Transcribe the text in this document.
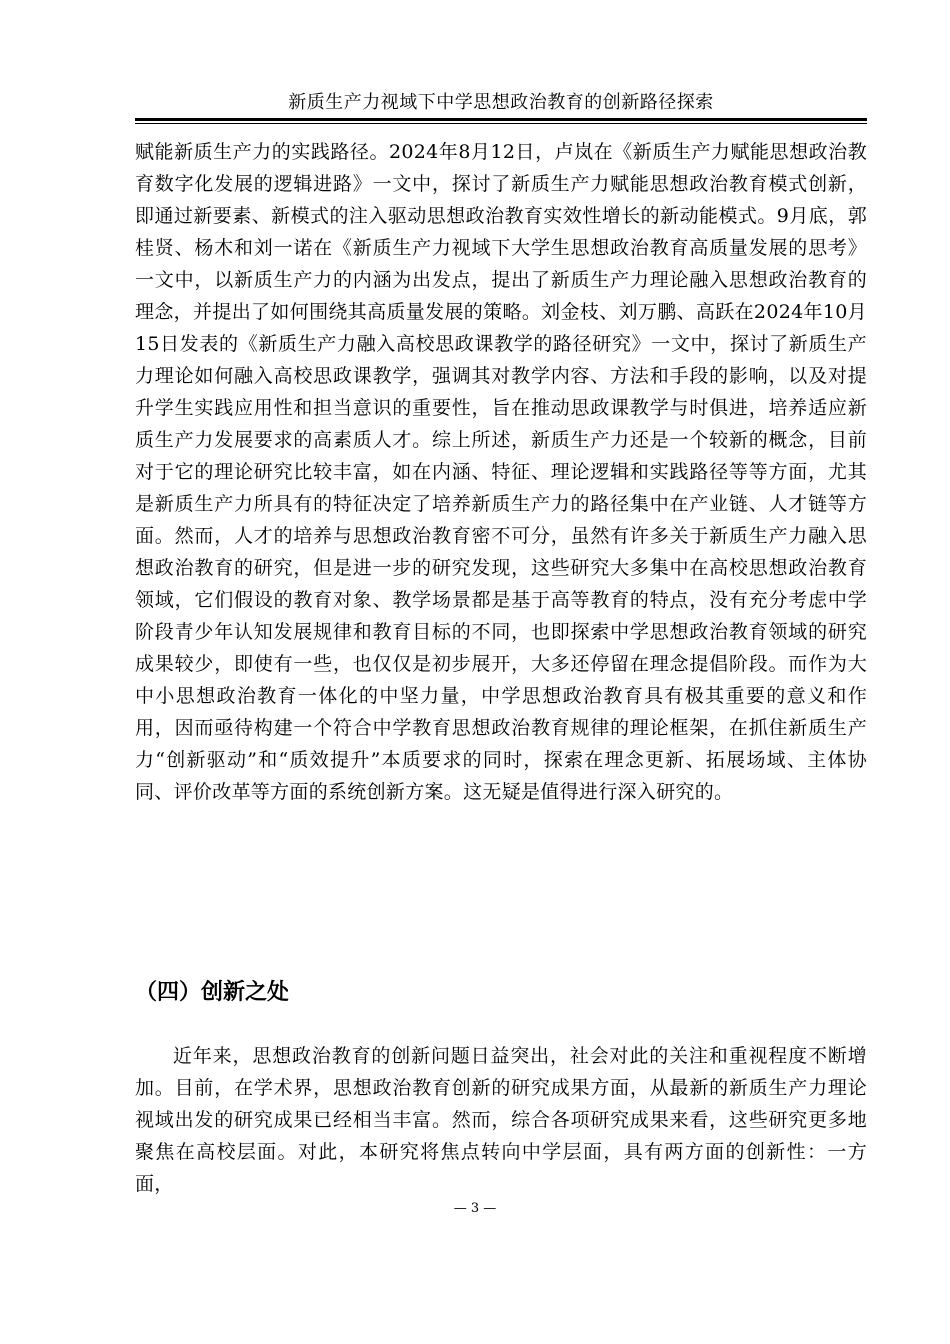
新质生产力视域下中学思想政治教育的创新路径探索

赋能新质生产力的实践路径。2024年8月12日，卢岚在《新质生产力赋能思想政治教育数字化发展的逻辑进路》一文中，探讨了新质生产力赋能思想政治教育模式创新，即通过新要素、新模式的注入驱动思想政治教育实效性增长的新动能模式。9月底，郭桂贤、杨木和刘一诺在《新质生产力视域下大学生思想政治教育高质量发展的思考》一文中，以新质生产力的内涵为出发点，提出了新质生产力理论融入思想政治教育的理念，并提出了如何围绕其高质量发展的策略。刘金枝、刘万鹏、高跃在2024年10月15日发表的《新质生产力融入高校思政课教学的路径研究》一文中，探讨了新质生产力理论如何融入高校思政课教学，强调其对教学内容、方法和手段的影响，以及对提升学生实践应用性和担当意识的重要性，旨在推动思政课教学与时俱进，培养适应新质生产力发展要求的高素质人才。综上所述，新质生产力还是一个较新的概念，目前对于它的理论研究比较丰富，如在内涵、特征、理论逻辑和实践路径等等方面，尤其是新质生产力所具有的特征决定了培养新质生产力的路径集中在产业链、人才链等方面。然而，人才的培养与思想政治教育密不可分，虽然有许多关于新质生产力融入思想政治教育的研究，但是进一步的研究发现，这些研究大多集中在高校思想政治教育领域，它们假设的教育对象、教学场景都是基于高等教育的特点，没有充分考虑中学阶段青少年认知发展规律和教育目标的不同，也即探索中学思想政治教育领域的研究成果较少，即使有一些，也仅仅是初步展开，大多还停留在理念提倡阶段。而作为大中小思想政治教育一体化的中坚力量，中学思想政治教育具有极其重要的意义和作用，因而亟待构建一个符合中学教育思想政治教育规律的理论框架，在抓住新质生产力“创新驱动”和“质效提升”本质要求的同时，探索在理念更新、拓展场域、主体协同、评价改革等方面的系统创新方案。这无疑是值得进行深入研究的。

（四）创新之处

近年来，思想政治教育的创新问题日益突出，社会对此的关注和重视程度不断增加。目前，在学术界，思想政治教育创新的研究成果方面，从最新的新质生产力理论视域出发的研究成果已经相当丰富。然而，综合各项研究成果来看，这些研究更多地聚焦在高校层面。对此，本研究将焦点转向中学层面，具有两方面的创新性：一方面，

— 3 —
